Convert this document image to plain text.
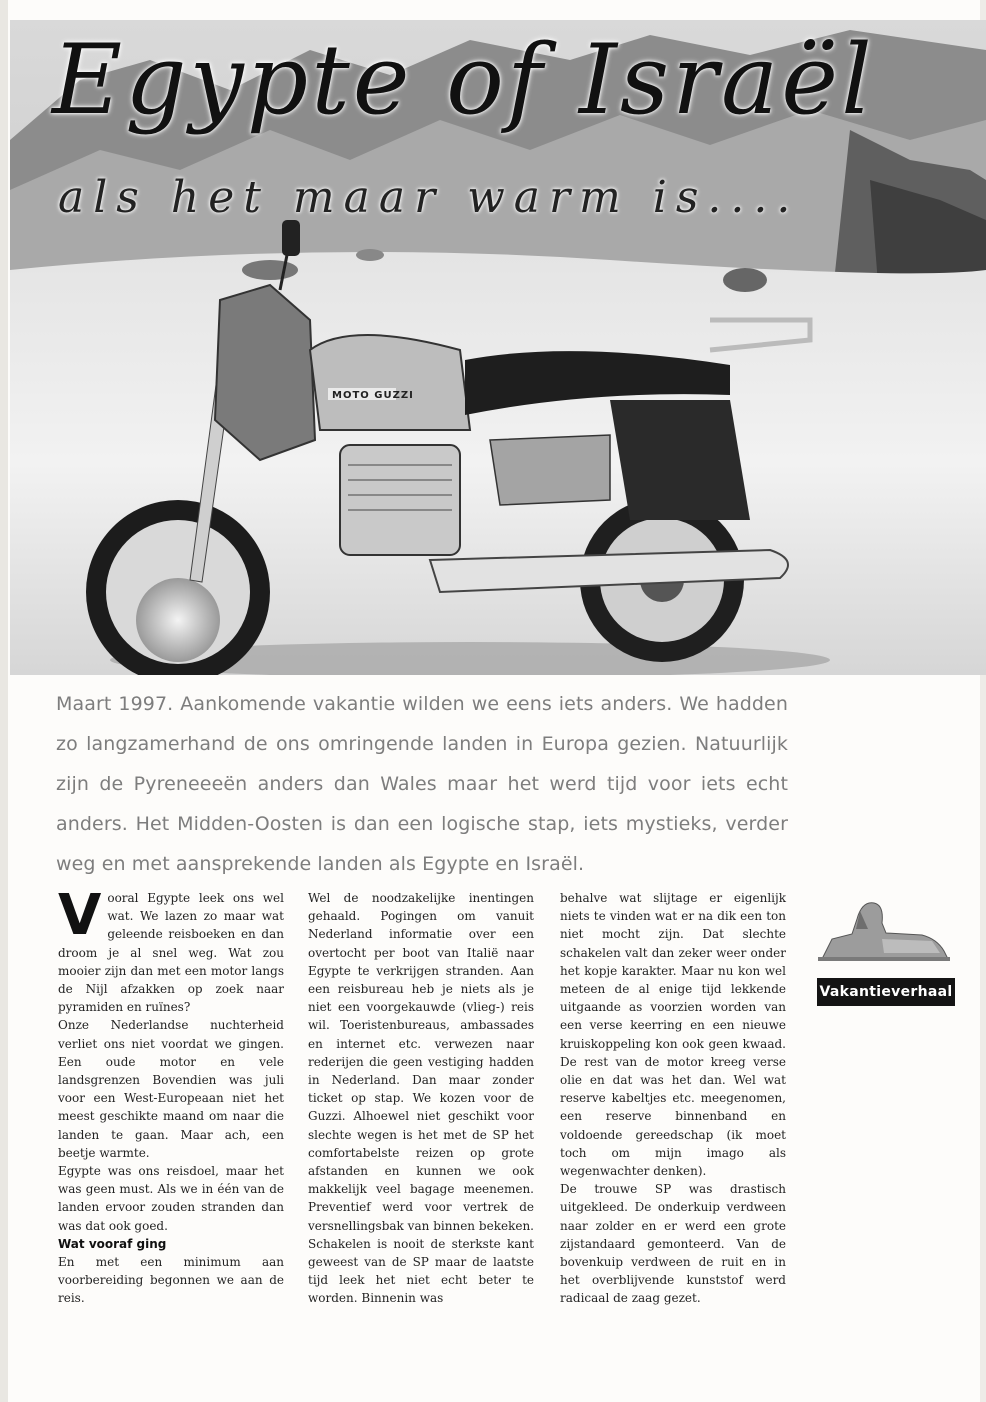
MOTO GUZZI
Egypte of Israël
als het maar warm is....

Maart 1997. Aankomende vakantie wilden we eens iets anders. We hadden zo langzamerhand de ons omringende landen in Europa gezien. Natuurlijk zijn de Pyreneeeën anders dan Wales maar het werd tijd voor iets echt anders. Het Midden-Oosten is dan een logische stap, iets mystieks, verder weg en met aansprekende landen als Egypte en Israël.

Vooral Egypte leek ons wel wat. We lazen zo maar wat geleende reisboeken en dan droom je al snel weg. Wat zou mooier zijn dan met een motor langs de Nijl afzakken op zoek naar pyramiden en ruïnes?

Onze Nederlandse nuchterheid verliet ons niet voordat we gingen. Een oude motor en vele landsgrenzen Bovendien was juli voor een West-Europeaan niet het meest geschikte maand om naar die landen te gaan. Maar ach, een beetje warmte.

Egypte was ons reisdoel, maar het was geen must. Als we in één van de landen ervoor zouden stranden dan was dat ook goed.

Wat vooraf ging

En met een minimum aan voorbereiding begonnen we aan de reis.

Wel de noodzakelijke inentingen gehaald. Pogingen om vanuit Nederland informatie over een overtocht per boot van Italië naar Egypte te verkrijgen stranden. Aan een reisbureau heb je niets als je niet een voorgekauwde (vlieg-) reis wil. Toeristenbureaus, ambassades en internet etc. verwezen naar rederijen die geen vestiging hadden in Nederland. Dan maar zonder ticket op stap. We kozen voor de Guzzi. Alhoewel niet geschikt voor slechte wegen is het met de SP het comfortabelste reizen op grote afstanden en kunnen we ook makkelijk veel bagage meenemen. Preventief werd voor vertrek de versnellingsbak van binnen bekeken. Schakelen is nooit de sterkste kant geweest van de SP maar de laatste tijd leek het niet echt beter te worden. Binnenin was

behalve wat slijtage er eigenlijk niets te vinden wat er na dik een ton niet mocht zijn. Dat slechte schakelen valt dan zeker weer onder het kopje karakter. Maar nu kon wel meteen de al enige tijd lekkende uitgaande as voorzien worden van een verse keerring en een nieuwe kruiskoppeling kon ook geen kwaad. De rest van de motor kreeg verse olie en dat was het dan. Wel wat reserve kabeltjes etc. meegenomen, een reserve binnenband en voldoende gereedschap (ik moet toch om mijn imago als wegenwachter denken).

De trouwe SP was drastisch uitgekleed. De onderkuip verdween naar zolder en er werd een grote zijstandaard gemonteerd. Van de bovenkuip verdween de ruit en in het overblijvende kunststof werd radicaal de zaag gezet.

Vakantieverhaal
